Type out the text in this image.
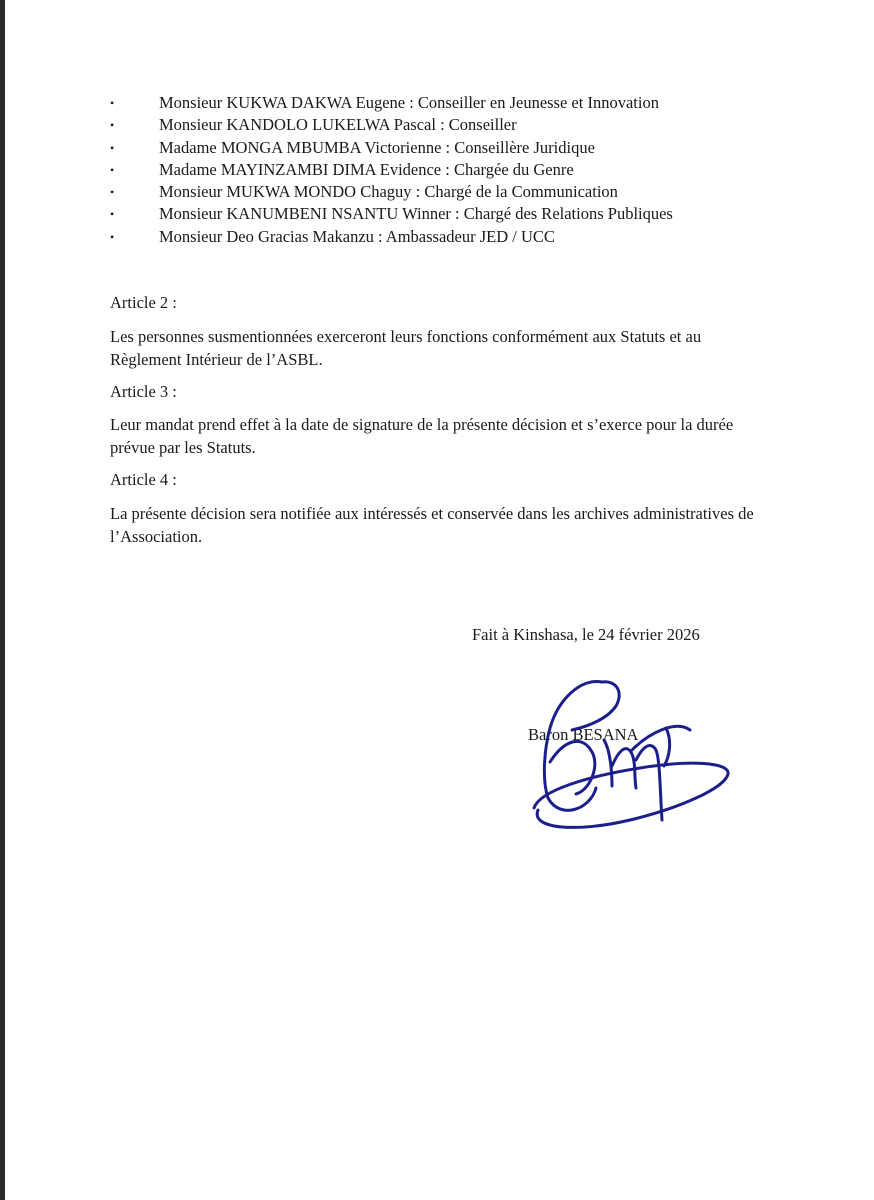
•	Monsieur KUKWA DAKWA Eugene : Conseiller en Jeunesse et Innovation
•	Monsieur KANDOLO LUKELWA Pascal : Conseiller
•	Madame MONGA MBUMBA Victorienne : Conseillère Juridique
•	Madame MAYINZAMBI DIMA Evidence : Chargée du Genre
•	Monsieur MUKWA MONDO Chaguy : Chargé de la Communication
•	Monsieur KANUMBENI NSANTU Winner : Chargé des Relations Publiques
•	Monsieur Deo Gracias Makanzu : Ambassadeur JED / UCC
Article 2 :
Les personnes susmentionnées exerceront leurs fonctions conformément aux Statuts et au Règlement Intérieur de l’ASBL.
Article 3 :
Leur mandat prend effet à la date de signature de la présente décision et s’exerce pour la durée prévue par les Statuts.
Article 4 :
La présente décision sera notifiée aux intéressés et conservée dans les archives administratives de l’Association.
Fait à Kinshasa, le 24 février 2026
Baron BESANA
